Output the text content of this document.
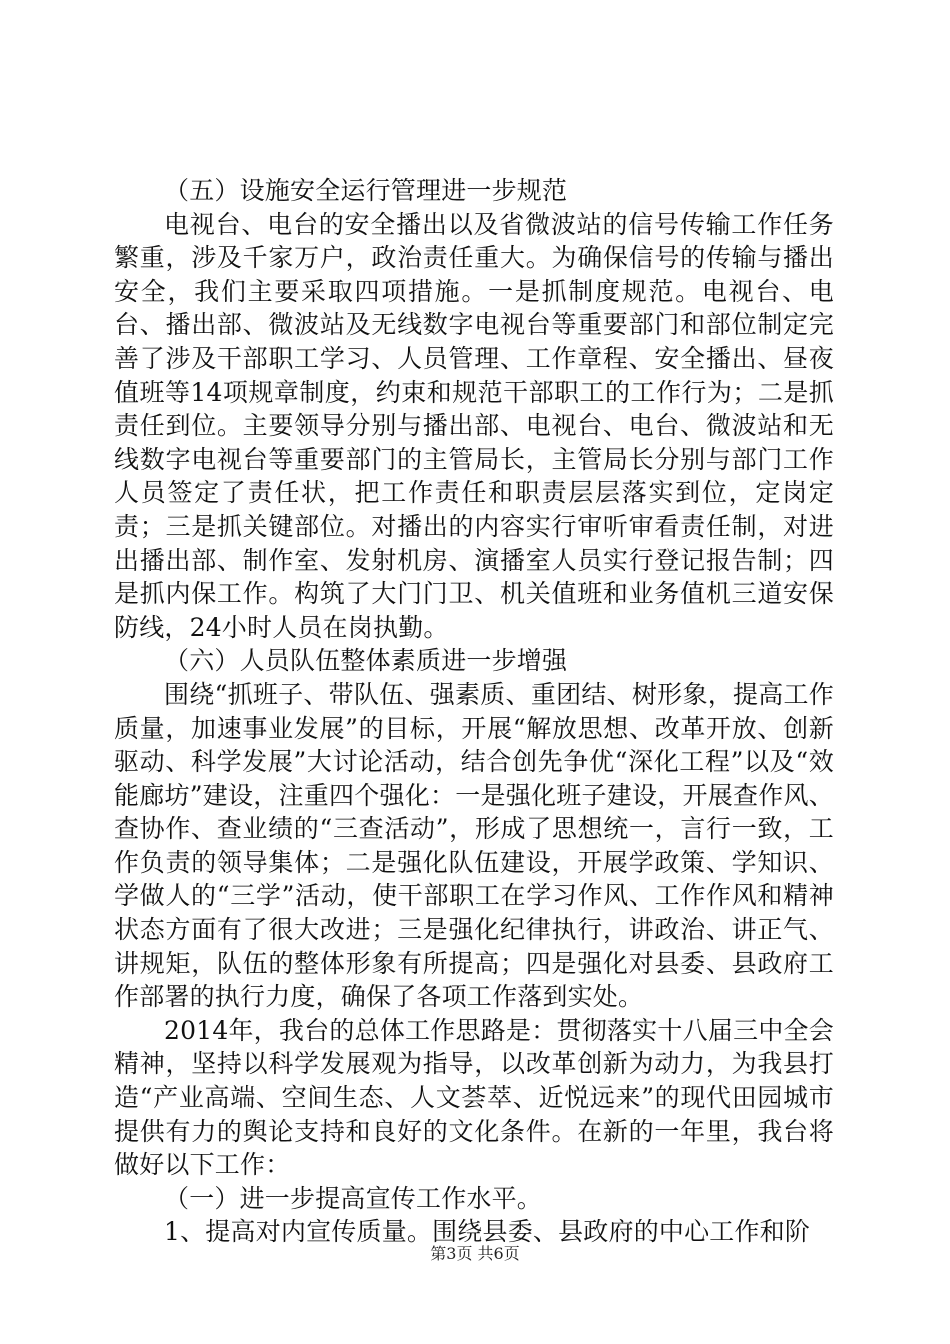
（五）设施安全运行管理进一步规范

电视台、电台的安全播出以及省微波站的信号传输工作任务繁重，涉及千家万户，政治责任重大。为确保信号的传输与播出安全，我们主要采取四项措施。一是抓制度规范。电视台、电台、播出部、微波站及无线数字电视台等重要部门和部位制定完善了涉及干部职工学习、人员管理、工作章程、安全播出、昼夜值班等14项规章制度，约束和规范干部职工的工作行为；二是抓责任到位。主要领导分别与播出部、电视台、电台、微波站和无线数字电视台等重要部门的主管局长，主管局长分别与部门工作人员签定了责任状，把工作责任和职责层层落实到位，定岗定责；三是抓关键部位。对播出的内容实行审听审看责任制，对进出播出部、制作室、发射机房、演播室人员实行登记报告制；四是抓内保工作。构筑了大门门卫、机关值班和业务值机三道安保防线，24小时人员在岗执勤。

（六）人员队伍整体素质进一步增强

围绕“抓班子、带队伍、强素质、重团结、树形象，提高工作质量，加速事业发展”的目标，开展“解放思想、改革开放、创新驱动、科学发展”大讨论活动，结合创先争优“深化工程”以及“效能廊坊”建设，注重四个强化：一是强化班子建设，开展查作风、查协作、查业绩的“三查活动”，形成了思想统一，言行一致，工作负责的领导集体；二是强化队伍建设，开展学政策、学知识、学做人的“三学”活动，使干部职工在学习作风、工作作风和精神状态方面有了很大改进；三是强化纪律执行，讲政治、讲正气、讲规矩，队伍的整体形象有所提高；四是强化对县委、县政府工作部署的执行力度，确保了各项工作落到实处。

2014年，我台的总体工作思路是：贯彻落实十八届三中全会精神，坚持以科学发展观为指导，以改革创新为动力，为我县打造“产业高端、空间生态、人文荟萃、近悦远来”的现代田园城市提供有力的舆论支持和良好的文化条件。在新的一年里，我台将做好以下工作：

（一）进一步提高宣传工作水平。

1、提高对内宣传质量。围绕县委、县政府的中心工作和阶

第3页 共6页
